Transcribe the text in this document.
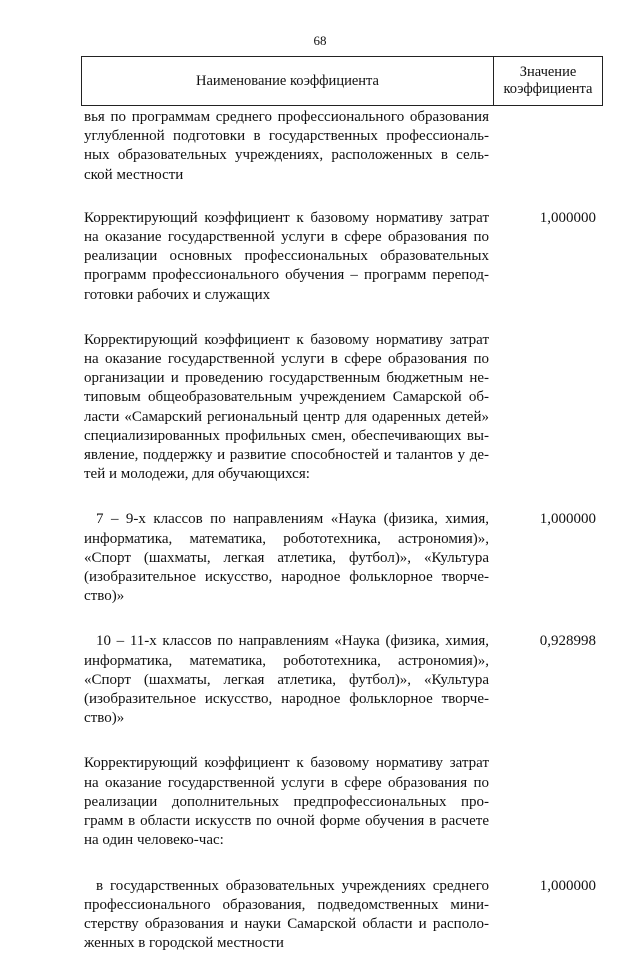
68
Наименование коэффициента
Значение
коэффициента
вья по программам среднего профессионального образования углубленной подготовки в государственных профессиональ-ных образовательных учреждениях, расположенных в сель-ской местности
Корректирующий коэффициент к базовому нормативу затрат на оказание государственной услуги в сфере образования по реализации основных профессиональных образовательных программ профессионального обучения – программ перепод-готовки рабочих и служащих
1,000000
Корректирующий коэффициент к базовому нормативу затрат на оказание государственной услуги в сфере образования по организации и проведению государственным бюджетным не-типовым общеобразовательным учреждением Самарской об-ласти «Самарский региональный центр для одаренных детей» специализированных профильных смен, обеспечивающих вы-явление, поддержку и развитие способностей и талантов у де-тей и молодежи, для обучающихся:
7 – 9-х классов по направлениям «Наука (физика, химия, информатика, математика, робототехника, астрономия)», «Спорт (шахматы, легкая атлетика, футбол)», «Культура (изобразительное искусство, народное фольклорное творче-ство)»
1,000000
10 – 11-х классов по направлениям «Наука (физика, химия, информатика, математика, робототехника, астрономия)», «Спорт (шахматы, легкая атлетика, футбол)», «Культура (изобразительное искусство, народное фольклорное творче-ство)»
0,928998
Корректирующий коэффициент к базовому нормативу затрат на оказание государственной услуги в сфере образования по реализации дополнительных предпрофессиональных про-грамм в области искусств по очной форме обучения в расчете на один человеко-час:
в государственных образовательных учреждениях среднего профессионального образования, подведомственных мини-стерству образования и науки Самарской области и располо-женных в городской местности
1,000000
